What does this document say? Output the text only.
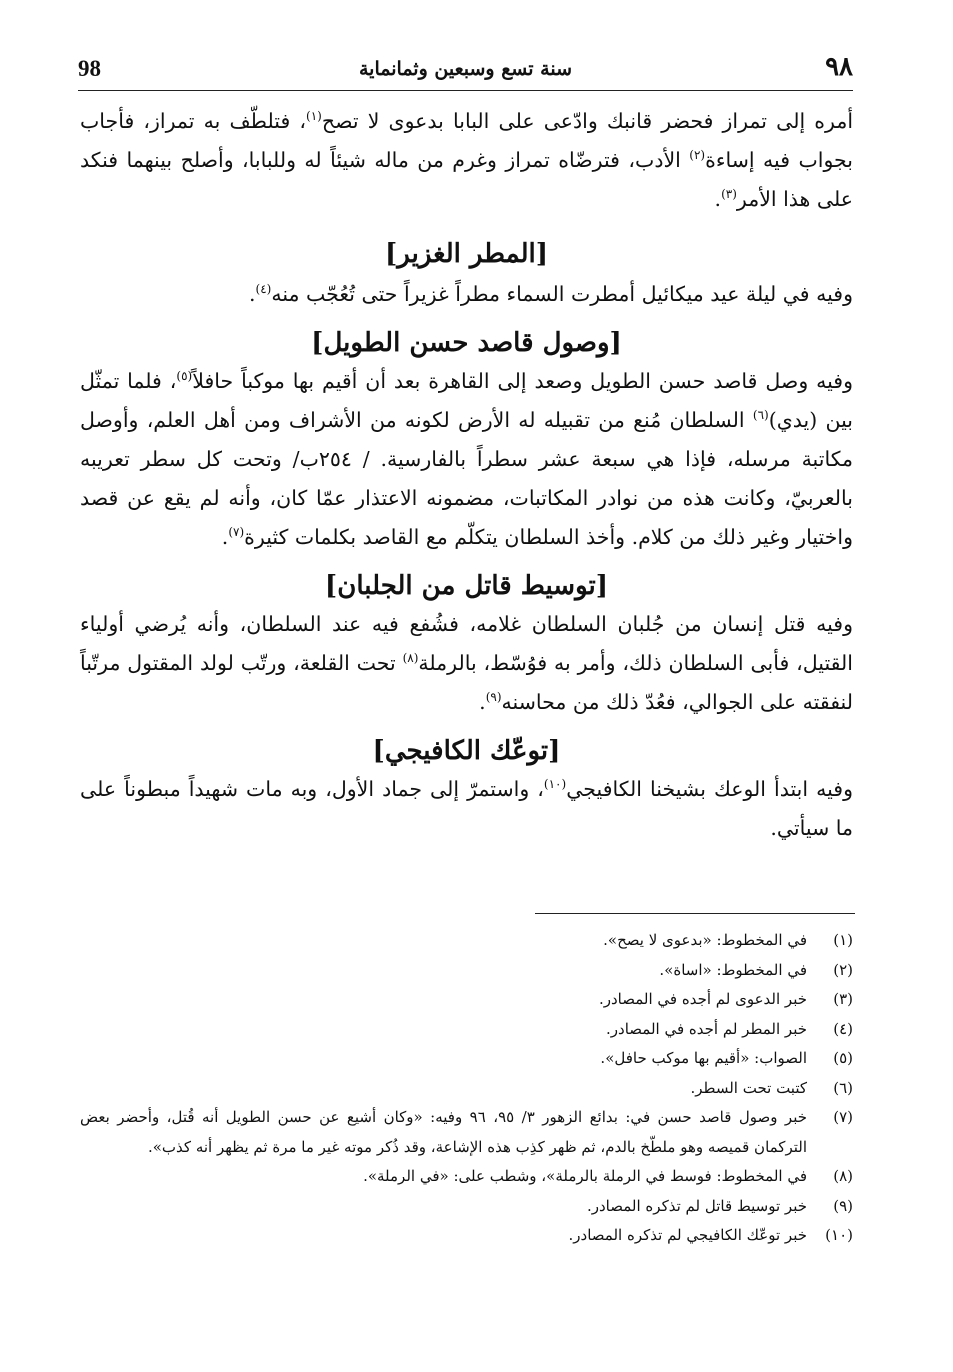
98	سنة تسع وسبعين وثمانماية	٩٨

أمره إلى تمراز فحضر قانبك وادّعى على البابا بدعوى لا تصح$^{(١)}$، فتلطّف به تمراز، فأجاب بجواب فيه إساءة$^{(٢)}$ الأدب، فترضّاه تمراز وغرم من ماله شيئاً له وللبابا، وأصلح بينهما فنكد على هذا الأمر$^{(٣)}$.

[المطر الغزير]

وفيه في ليلة عيد ميكائيل أمطرت السماء مطراً غزيراً حتى تُعُجّب منه$^{(٤)}$.

[وصول قاصد حسن الطويل]

وفيه وصل قاصد حسن الطويل وصعد إلى القاهرة بعد أن أقيم بها موكباً حافلاً$^{(٥)}$، فلما تمثّل بين (يدي)$^{(٦)}$ السلطان مُنع من تقبيله له الأرض لكونه من الأشراف ومن أهل العلم، وأوصل مكاتبة مرسله، فإذا هي سبعة عشر سطراً بالفارسية. / ٢٥٤ب/ وتحت كل سطر تعريبه بالعربيّ، وكانت هذه من نوادر المكاتبات، مضمونه الاعتذار عمّا كان، وأنه لم يقع عن قصد واختيار وغير ذلك من كلام. وأخذ السلطان يتكلّم مع القاصد بكلمات كثيرة$^{(٧)}$.

[توسيط قاتل من الجلبان]

وفيه قتل إنسان من جُلبان السلطان غلامه، فشُفع فيه عند السلطان، وأنه يُرضي أولياء القتيل، فأبى السلطان ذلك، وأمر به فوُسّط، بالرملة$^{(٨)}$ تحت القلعة، ورتّب لولد المقتول مرتّباً لنفقته على الجوالي، فعُدّ ذلك من محاسنه$^{(٩)}$.

[توعّك الكافيجي]

وفيه ابتدأ الوعك بشيخنا الكافيجي$^{(١٠)}$، واستمرّ إلى جماد الأول، وبه مات شهيداً مبطوناً على ما سيأتي.

(١)
في المخطوط: «بدعوى لا يصح».
(٢)
في المخطوط: «اساة».
(٣)
خبر الدعوى لم أجده في المصادر.
(٤)
خبر المطر لم أجده في المصادر.
(٥)
الصواب: «أقيم بها موكب حافل».
(٦)
كتبت تحت السطر.
(٧)
خبر وصول قاصد حسن في: بدائع الزهور ٣/ ٩٥، ٩٦ وفيه: «وكان أشيع عن حسن الطويل أنه قُتل، وأحضر بعض التركمان قميصه وهو ملطّخ بالدم، ثم ظهر كذِب هذه الإشاعة، وقد ذُكر موته غير ما مرة ثم يظهر أنه كذب».
(٨)
في المخطوط: فوسط في الرملة بالرملة»، وشطب على: «في الرملة».
(٩)
خبر توسيط قاتل لم تذكره المصادر.
(١٠)
خبر توعّك الكافيجي لم تذكره المصادر.
